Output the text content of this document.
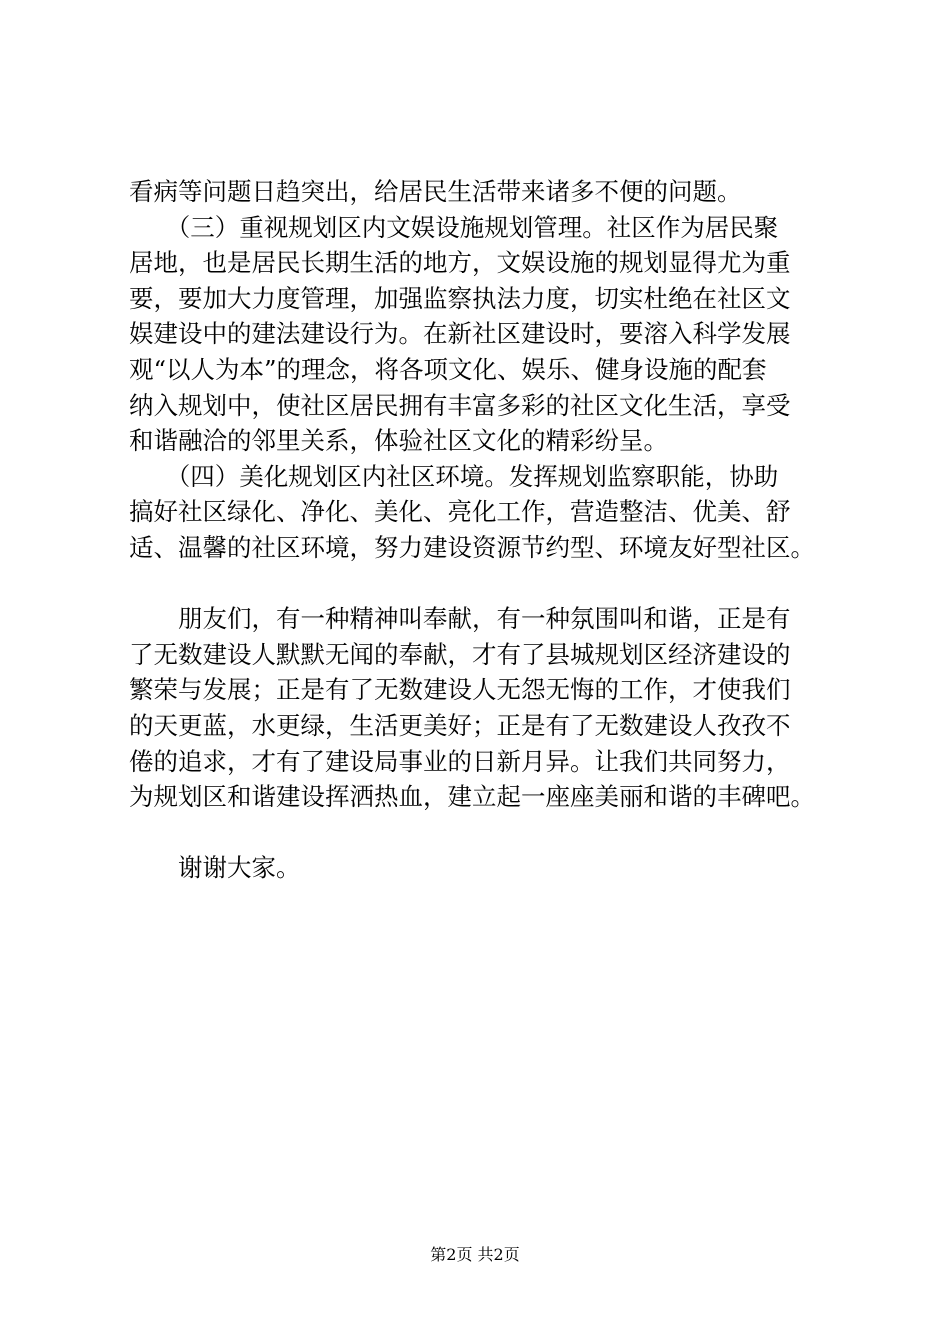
看病等问题日趋突出，给居民生活带来诸多不便的问题。
　　（三）重视规划区内文娱设施规划管理。社区作为居民聚
居地，也是居民长期生活的地方，文娱设施的规划显得尤为重
要，要加大力度管理，加强监察执法力度，切实杜绝在社区文
娱建设中的建法建设行为。在新社区建设时，要溶入科学发展
观“以人为本”的理念，将各项文化、娱乐、健身设施的配套
纳入规划中，使社区居民拥有丰富多彩的社区文化生活，享受
和谐融洽的邻里关系，体验社区文化的精彩纷呈。
　　（四）美化规划区内社区环境。发挥规划监察职能，协助
搞好社区绿化、净化、美化、亮化工作，营造整洁、优美、舒
适、温馨的社区环境，努力建设资源节约型、环境友好型社区。
　　朋友们，有一种精神叫奉献，有一种氛围叫和谐，正是有
了无数建设人默默无闻的奉献，才有了县城规划区经济建设的
繁荣与发展；正是有了无数建设人无怨无悔的工作，才使我们
的天更蓝，水更绿，生活更美好；正是有了无数建设人孜孜不
倦的追求，才有了建设局事业的日新月异。让我们共同努力，
为规划区和谐建设挥洒热血，建立起一座座美丽和谐的丰碑吧。
　　谢谢大家。
第2页 共2页
